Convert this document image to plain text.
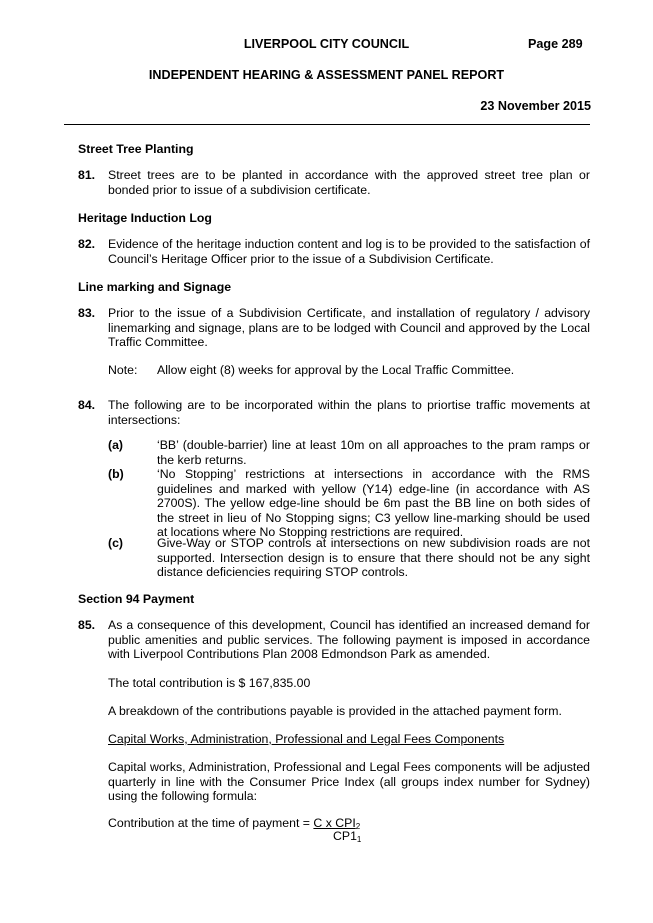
LIVERPOOL CITY COUNCIL	Page 289
INDEPENDENT HEARING & ASSESSMENT PANEL REPORT
23 November 2015
Street Tree Planting
81. Street trees are to be planted in accordance with the approved street tree plan or bonded prior to issue of a subdivision certificate.
Heritage Induction Log
82. Evidence of the heritage induction content and log is to be provided to the satisfaction of Council’s Heritage Officer prior to the issue of a Subdivision Certificate.
Line marking and Signage
83. Prior to the issue of a Subdivision Certificate, and installation of regulatory / advisory linemarking and signage, plans are to be lodged with Council and approved by the Local Traffic Committee.
Note: Allow eight (8) weeks for approval by the Local Traffic Committee.
84. The following are to be incorporated within the plans to priortise traffic movements at intersections:
(a)	‘BB’ (double-barrier) line at least 10m on all approaches to the pram ramps or the kerb returns.
(b)	‘No Stopping’ restrictions at intersections in accordance with the RMS guidelines and marked with yellow (Y14) edge-line (in accordance with AS 2700S). The yellow edge-line should be 6m past the BB line on both sides of the street in lieu of No Stopping signs; C3 yellow line-marking should be used at locations where No Stopping restrictions are required.
(c)	Give-Way or STOP controls at intersections on new subdivision roads are not supported. Intersection design is to ensure that there should not be any sight distance deficiencies requiring STOP controls.
Section 94 Payment
85. As a consequence of this development, Council has identified an increased demand for public amenities and public services. The following payment is imposed in accordance with Liverpool Contributions Plan 2008 Edmondson Park as amended.
The total contribution is $ 167,835.00
A breakdown of the contributions payable is provided in the attached payment form.
Capital Works, Administration, Professional and Legal Fees Components
Capital works, Administration, Professional and Legal Fees components will be adjusted quarterly in line with the Consumer Price Index (all groups index number for Sydney) using the following formula:
Contribution at the time of payment = C x $CPI_2$
$CP1_1$
